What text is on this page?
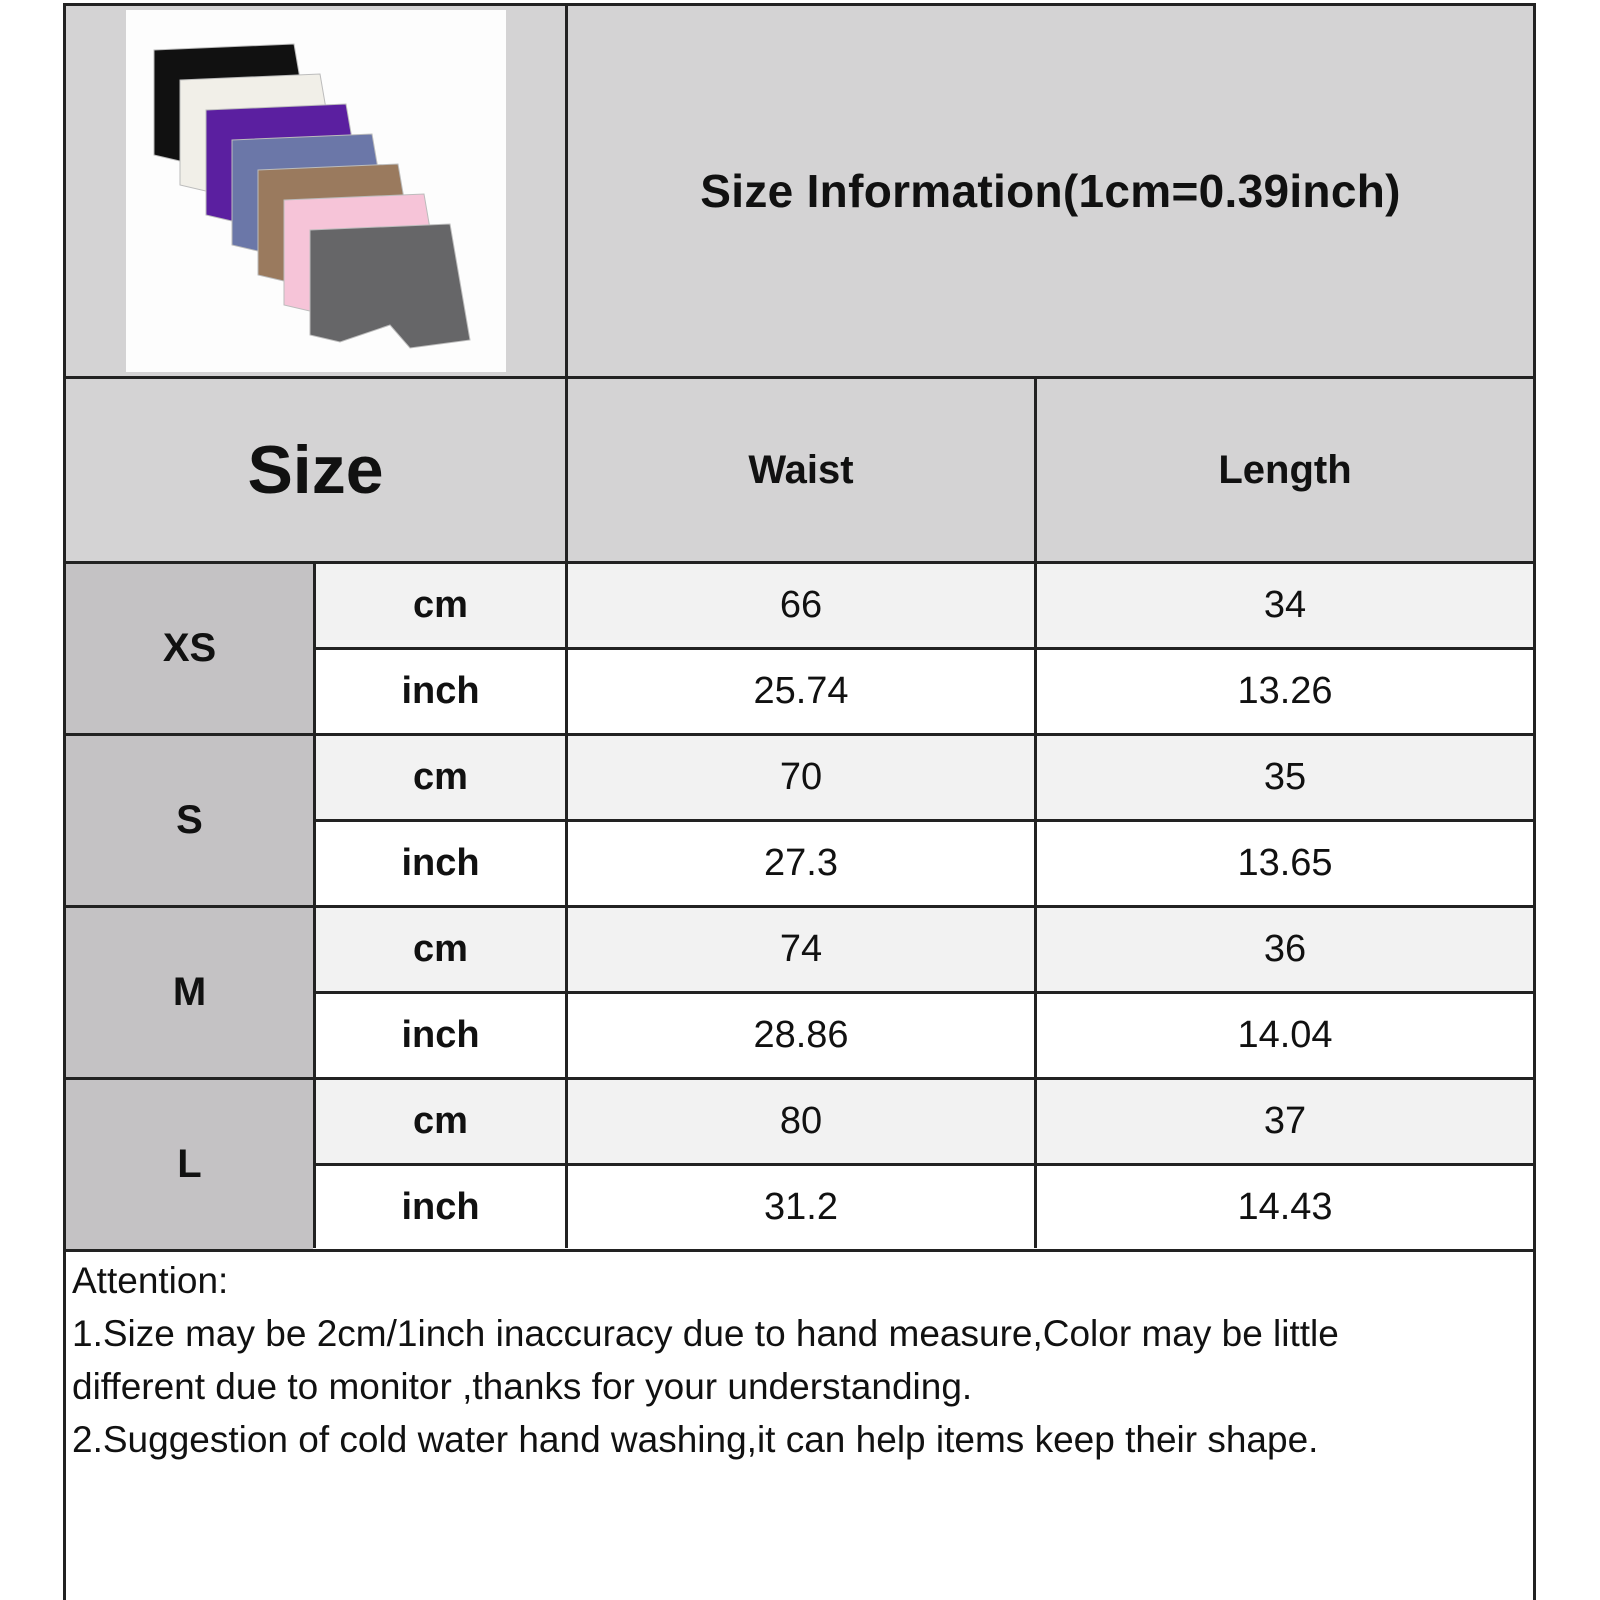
Size Information(1cm=0.39inch)
Size	Waist	Length
XS
cm	66	34
inch	25.74	13.26
S
cm	70	35
inch	27.3	13.65
M
cm	74	36
inch	28.86	14.04
L
cm	80	37
inch	31.2	14.43
Attention:
1.Size may be 2cm/1inch inaccuracy due to hand measure,Color may be little
different due to monitor ,thanks for your understanding.
2.Suggestion of cold water hand washing,it can help items keep their shape.
